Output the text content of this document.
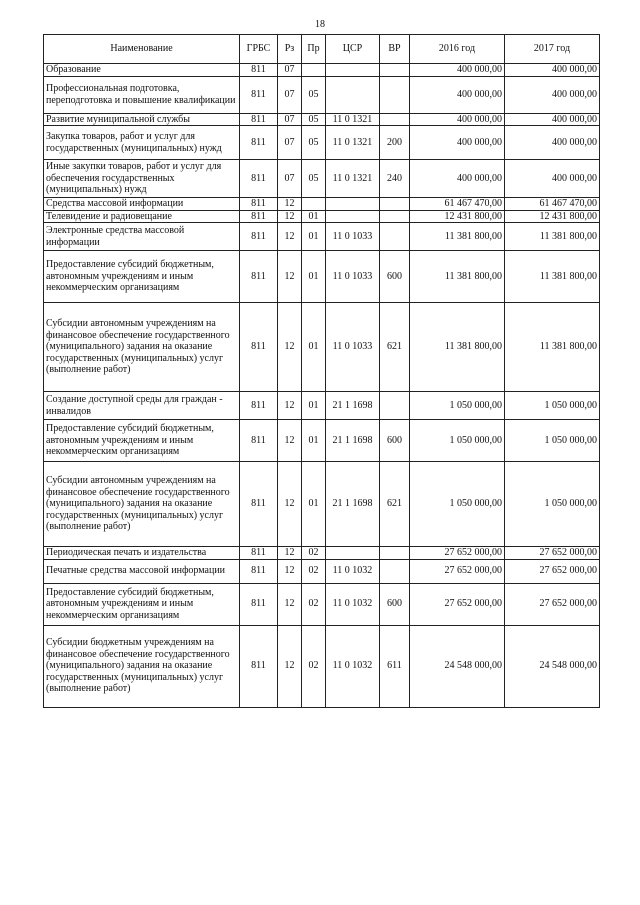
18
Наименование	ГРБС	Рз	Пр	ЦСР	ВР	2016 год	2017 год
Образование	811	07				400 000,00	400 000,00
Профессиональная подготовка, переподготовка и повышение квалификации	811	07	05			400 000,00	400 000,00
Развитие муниципальной службы	811	07	05	11 0 1321		400 000,00	400 000,00
Закупка товаров, работ и услуг для государственных (муниципальных) нужд	811	07	05	11 0 1321	200	400 000,00	400 000,00
Иные закупки товаров, работ и услуг для обеспечения государственных (муниципальных) нужд	811	07	05	11 0 1321	240	400 000,00	400 000,00
Средства массовой информации	811	12				61 467 470,00	61 467 470,00
Телевидение и радиовещание	811	12	01			12 431 800,00	12 431 800,00
Электронные средства массовой информации	811	12	01	11 0 1033		11 381 800,00	11 381 800,00
Предоставление субсидий бюджетным, автономным учреждениям и иным некоммерческим организациям	811	12	01	11 0 1033	600	11 381 800,00	11 381 800,00
Субсидии автономным учреждениям на финансовое обеспечение государственного (муниципального) задания на оказание государственных (муниципальных) услуг (выполнение работ)	811	12	01	11 0 1033	621	11 381 800,00	11 381 800,00
Создание доступной среды для граждан - инвалидов	811	12	01	21 1 1698		1 050 000,00	1 050 000,00
Предоставление субсидий бюджетным, автономным учреждениям и иным некоммерческим организациям	811	12	01	21 1 1698	600	1 050 000,00	1 050 000,00
Субсидии автономным учреждениям на финансовое обеспечение государственного (муниципального) задания на оказание государственных (муниципальных) услуг (выполнение работ)	811	12	01	21 1 1698	621	1 050 000,00	1 050 000,00
Периодическая печать и издательства	811	12	02			27 652 000,00	27 652 000,00
Печатные средства массовой информации	811	12	02	11 0 1032		27 652 000,00	27 652 000,00
Предоставление субсидий бюджетным, автономным учреждениям и иным некоммерческим организациям	811	12	02	11 0 1032	600	27 652 000,00	27 652 000,00
Субсидии бюджетным учреждениям на финансовое обеспечение государственного (муниципального) задания на оказание государственных (муниципальных) услуг (выполнение работ)	811	12	02	11 0 1032	611	24 548 000,00	24 548 000,00
